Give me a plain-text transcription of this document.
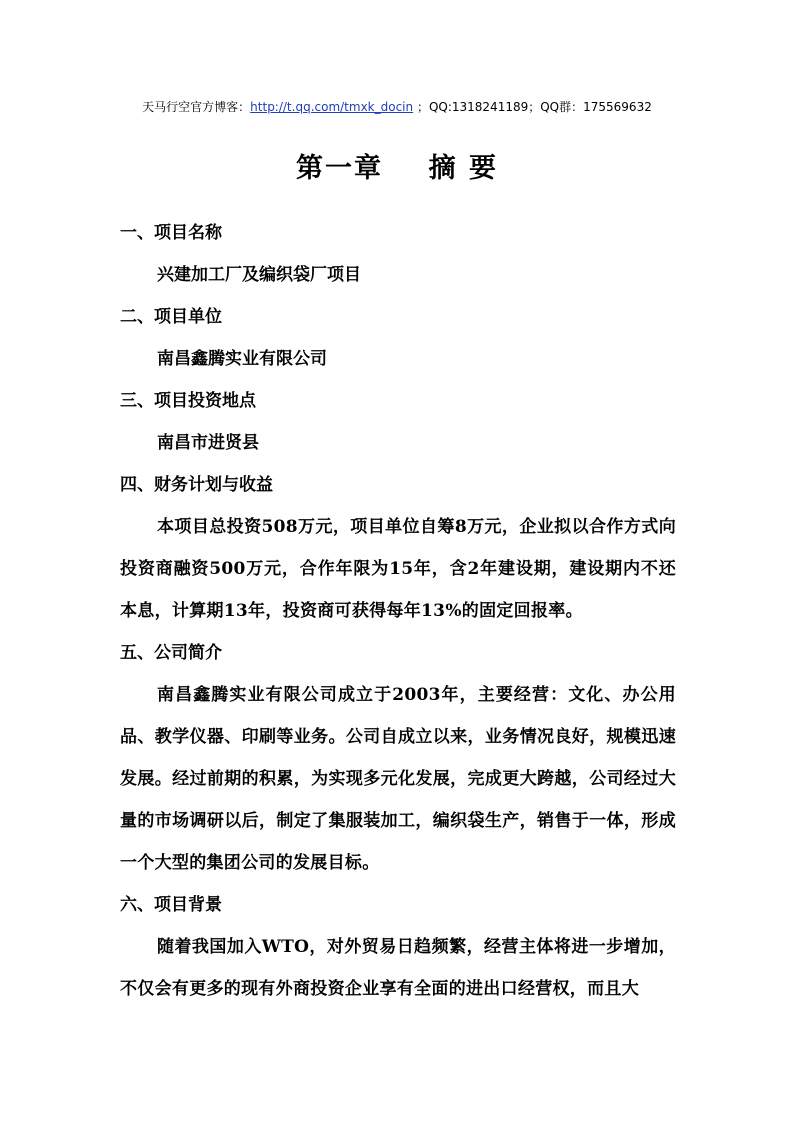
天马行空官方博客：http://t.qq.com/tmxk_docin ；QQ:1318241189；QQ群：175569632
第一章    摘 要
一、项目名称
兴建加工厂及编织袋厂项目
二、项目单位
南昌鑫腾实业有限公司
三、项目投资地点
南昌市进贤县
四、财务计划与收益
本项目总投资508万元，项目单位自筹8万元，企业拟以合作方式向投资商融资500万元，合作年限为15年，含2年建设期，建设期内不还本息，计算期13年，投资商可获得每年13%的固定回报率。
五、公司简介
南昌鑫腾实业有限公司成立于2003年，主要经营：文化、办公用品、教学仪器、印刷等业务。公司自成立以来，业务情况良好，规模迅速发展。经过前期的积累，为实现多元化发展，完成更大跨越，公司经过大量的市场调研以后，制定了集服装加工，编织袋生产，销售于一体，形成一个大型的集团公司的发展目标。
六、项目背景
随着我国加入WTO，对外贸易日趋频繁，经营主体将进一步增加，不仅会有更多的现有外商投资企业享有全面的进出口经营权，而且大
